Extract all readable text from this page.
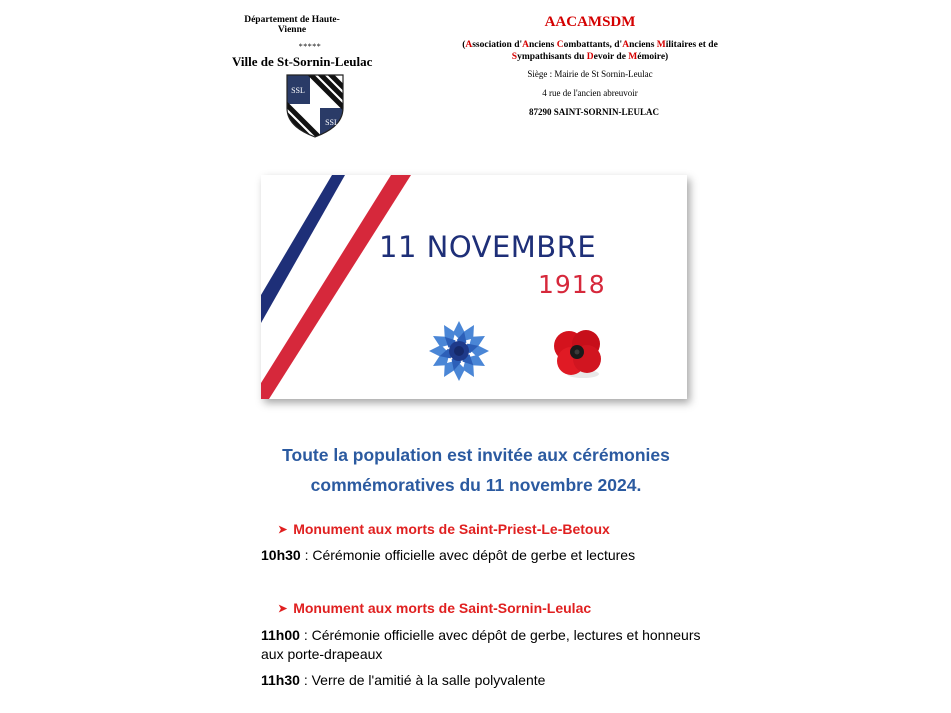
Département de Haute-Vienne
*****
Ville de St-Sornin-Leulac
SSL
SSL
AACAMSDM
(Association d'Anciens Combattants, d'Anciens Militaires et de
Sympathisants du Devoir de Mémoire)
Siège : Mairie de St Sornin-Leulac
4 rue de l'ancien abreuvoir
87290 SAINT-SORNIN-LEULAC
11 NOVEMBRE
1918
Toute la population est invitée aux cérémonies
commémoratives du 11 novembre 2024.
➤ Monument aux morts de Saint-Priest-Le-Betoux
10h30 : Cérémonie officielle avec dépôt de gerbe et lectures
➤ Monument aux morts de Saint-Sornin-Leulac
11h00 : Cérémonie officielle avec dépôt de gerbe, lectures et honneurs aux porte-drapeaux
11h30 : Verre de l'amitié à la salle polyvalente
